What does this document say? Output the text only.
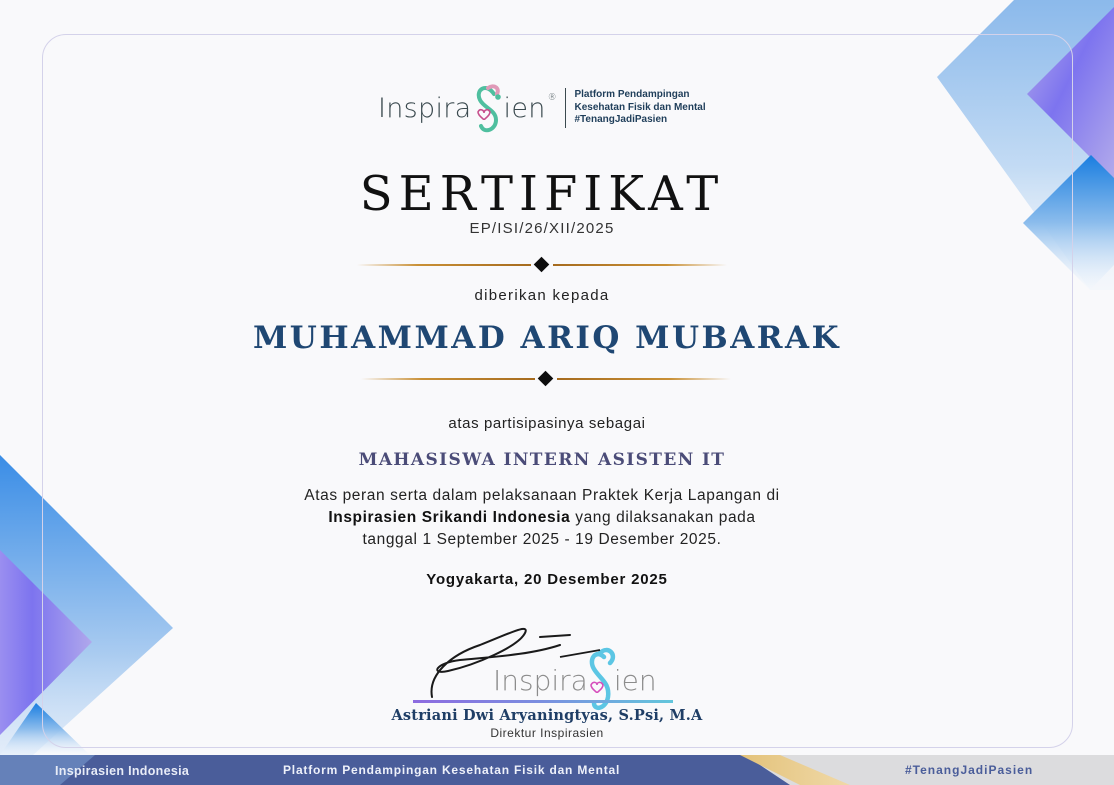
Inspira ien ® Platform Pendampingan
Kesehatan Fisik dan Mental
#TenangJadiPasien
SERTIFIKAT
EP/ISI/26/XII/2025
diberikan kepada
MUHAMMAD ARIQ MUBARAK
atas partisipasinya sebagai
MAHASISWA INTERN ASISTEN IT
Atas peran serta dalam pelaksanaan Praktek Kerja Lapangan di
Inspirasien Srikandi Indonesia yang dilaksanakan pada
tanggal 1 September 2025 - 19 Desember 2025.
Yogyakarta, 20 Desember 2025
Inspira ien
Astriani Dwi Aryaningtyas, S.Psi, M.A
Direktur Inspirasien
Inspirasien Indonesia	Platform Pendampingan Kesehatan Fisik dan Mental	#TenangJadiPasien
